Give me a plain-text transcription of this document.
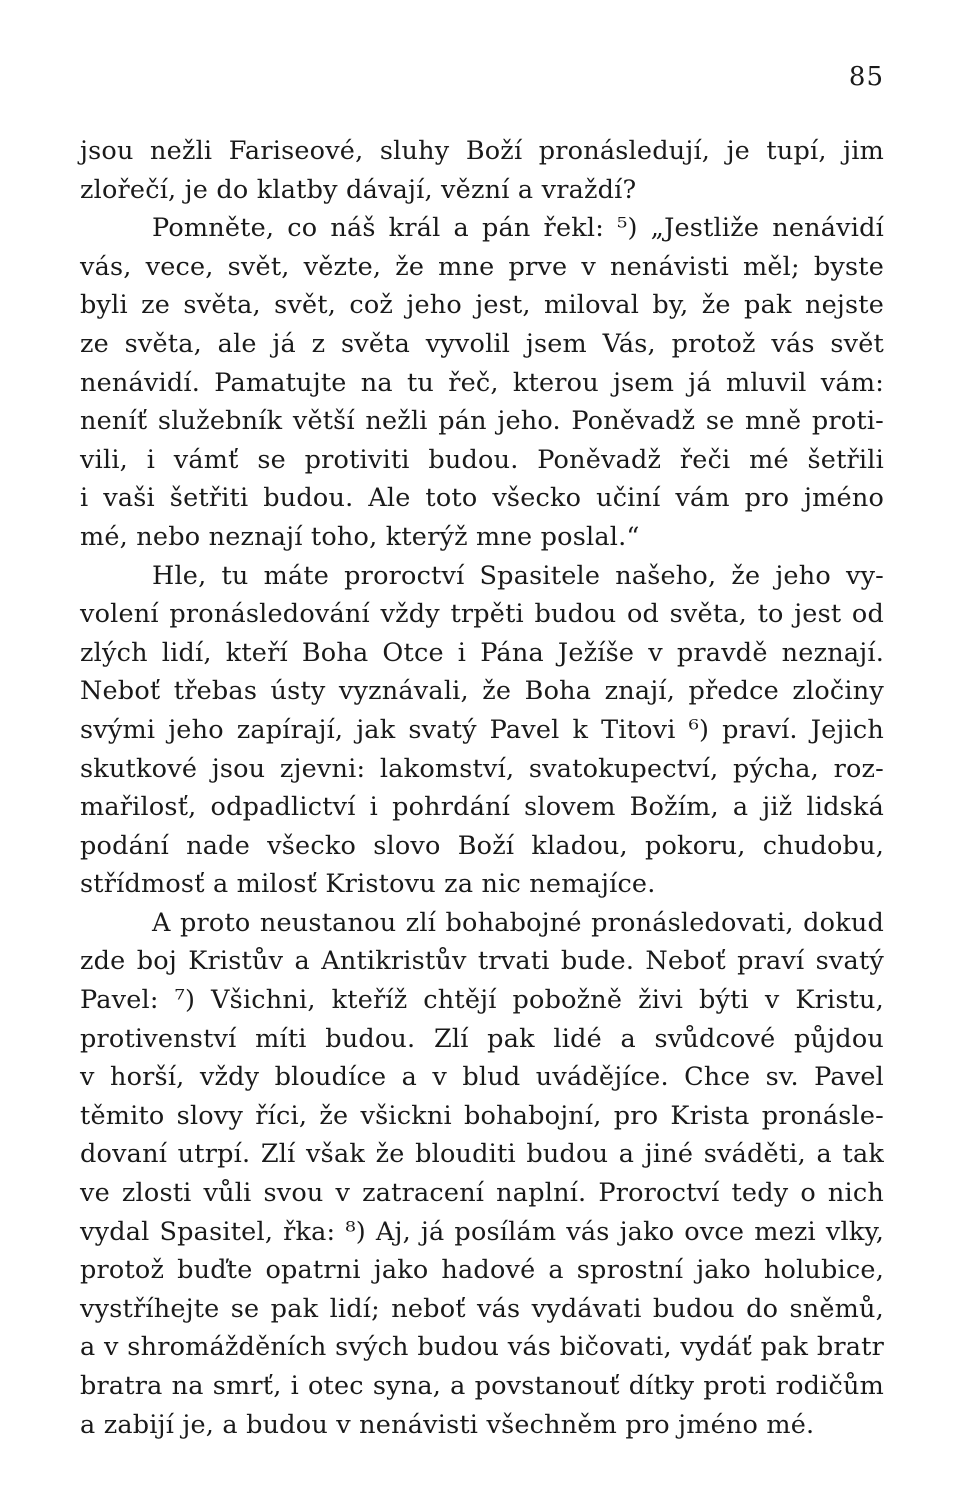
85
jsou nežli Fariseové, sluhy Boží pronásledují, je tupí, jim
zlořečí, je do klatby dávají, vězní a vraždí?
Pomněte, co náš král a pán řekl: ⁵) „Jestliže nenávidí
vás, vece, svět, vězte, že mne prve v nenávisti měl; byste
byli ze světa, svět, což jeho jest, miloval by, že pak nejste
ze světa, ale já z světa vyvolil jsem Vás, protož vás svět
nenávidí. Pamatujte na tu řeč, kterou jsem já mluvil vám:
neníť služebník větší nežli pán jeho. Poněvadž se mně proti-
vili, i vámť se protiviti budou. Poněvadž řeči mé šetřili
i vaši šetřiti budou. Ale toto všecko učiní vám pro jméno
mé, nebo neznají toho, kterýž mne poslal.“
Hle, tu máte proroctví Spasitele našeho, že jeho vy-
volení pronásledování vždy trpěti budou od světa, to jest od
zlých lidí, kteří Boha Otce i Pána Ježíše v pravdě neznají.
Neboť třebas ústy vyznávali, že Boha znají, předce zločiny
svými jeho zapírají, jak svatý Pavel k Titovi ⁶) praví. Jejich
skutkové jsou zjevni: lakomství, svatokupectví, pýcha, roz-
mařilosť, odpadlictví i pohrdání slovem Božím, a již lidská
podání nade všecko slovo Boží kladou, pokoru, chudobu,
střídmosť a milosť Kristovu za nic nemajíce.
A proto neustanou zlí bohabojné pronásledovati, dokud
zde boj Kristův a Antikristův trvati bude. Neboť praví svatý
Pavel: ⁷) Všichni, kteříž chtějí pobožně živi býti v Kristu,
protivenství míti budou. Zlí pak lidé a svůdcové půjdou
v horší, vždy bloudíce a v blud uvádějíce. Chce sv. Pavel
těmito slovy říci, že všickni bohabojní, pro Krista pronásle-
dovaní utrpí. Zlí však že blouditi budou a jiné sváděti, a tak
ve zlosti vůli svou v zatracení naplní. Proroctví tedy o nich
vydal Spasitel, řka: ⁸) Aj, já posílám vás jako ovce mezi vlky,
protož buďte opatrni jako hadové a sprostní jako holubice,
vystříhejte se pak lidí; neboť vás vydávati budou do sněmů,
a v shromážděních svých budou vás bičovati, vydáť pak bratr
bratra na smrť, i otec syna, a povstanouť dítky proti rodičům
a zabijí je, a budou v nenávisti všechněm pro jméno mé.
